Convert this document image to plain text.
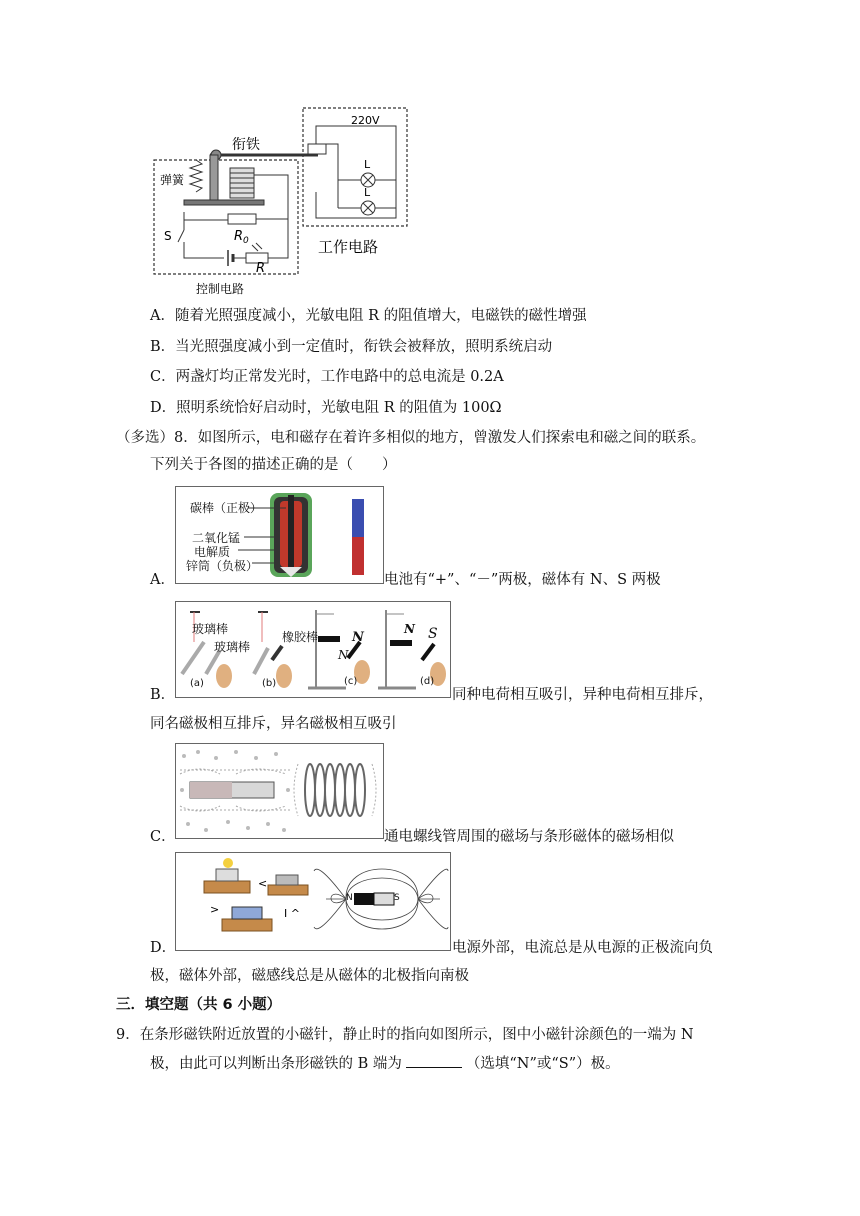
220V
衔铁
弹簧
S	$R_0$
R
L
L
工作电路
控制电路
A．随着光照强度减小，光敏电阻 R 的阻值增大，电磁铁的磁性增强
B．当光照强度减小到一定值时，衔铁会被释放，照明系统启动
C．两盏灯均正常发光时，工作电路中的总电流是 0.2A
D．照明系统恰好启动时，光敏电阻 R 的阻值为 100Ω
（多选）8．如图所示，电和磁存在着许多相似的地方，曾激发人们探索电和磁之间的联系。
下列关于各图的描述正确的是（　　）
碳棒（正极）
二氧化锰
电解质
锌筒（负极）
A．	电池有“+”、“－”两极，磁体有 N、S 两极
玻璃棒
玻璃棒
橡胶棒	N
N
N S
(a)	(b)	(c)	(d)
B．	同种电荷相互吸引，异种电荷相互排斥，
同名磁极相互排斥，异名磁极相互吸引
C．	通电螺线管周围的磁场与条形磁体的磁场相似
<
>	I ^
N	S
D．	电源外部，电流总是从电源的正极流向负
极，磁体外部，磁感线总是从磁体的北极指向南极
三．填空题（共 6 小题）
9．在条形磁铁附近放置的小磁针，静止时的指向如图所示，图中小磁针涂颜色的一端为 N
极，由此可以判断出条形磁铁的 B 端为	（选填“N”或“S”）极。
